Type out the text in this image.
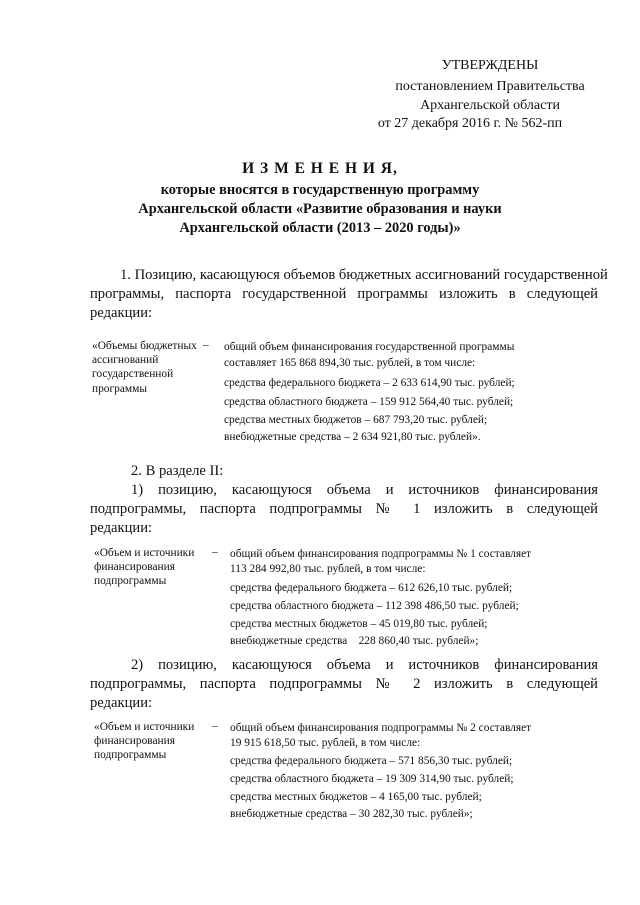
УТВЕРЖДЕНЫ
постановлением Правительства
Архангельской области
от 27 декабря 2016 г. № 562-пп
И З М Е Н Е Н И Я,
которые вносятся в государственную программу
Архангельской области «Развитие образования и науки
Архангельской области (2013 – 2020 годы)»
1. Позицию, касающуюся объемов бюджетных ассигнований государственной
программы, паспорта государственной программы изложить в следующей
редакции:
«Объемы бюджетных ассигнований государственной программы
– общий объем финансирования государственной программы
составляет 165 868 894,30 тыс. рублей, в том числе:
средства федерального бюджета – 2 633 614,90 тыс. рублей;
средства областного бюджета – 159 912 564,40 тыс. рублей;
средства местных бюджетов – 687 793,20 тыс. рублей;
внебюджетные средства – 2 634 921,80 тыс. рублей».
2. В разделе II:
1) позицию, касающуюся объема и источников финансирования
подпрограммы, паспорта подпрограммы № 1 изложить в следующей
редакции:
«Объем и источники финансирования подпрограммы
– общий объем финансирования подпрограммы № 1 составляет
113 284 992,80 тыс. рублей, в том числе:
средства федерального бюджета – 612 626,10 тыс. рублей;
средства областного бюджета – 112 398 486,50 тыс. рублей;
средства местных бюджетов – 45 019,80 тыс. рублей;
внебюджетные средства    228 860,40 тыс. рублей»;
2) позицию, касающуюся объема и источников финансирования
подпрограммы, паспорта подпрограммы № 2 изложить в следующей
редакции:
«Объем и источники финансирования подпрограммы
– общий объем финансирования подпрограммы № 2 составляет
19 915 618,50 тыс. рублей, в том числе:
средства федерального бюджета – 571 856,30 тыс. рублей;
средства областного бюджета – 19 309 314,90 тыс. рублей;
средства местных бюджетов – 4 165,00 тыс. рублей;
внебюджетные средства – 30 282,30 тыс. рублей»;
